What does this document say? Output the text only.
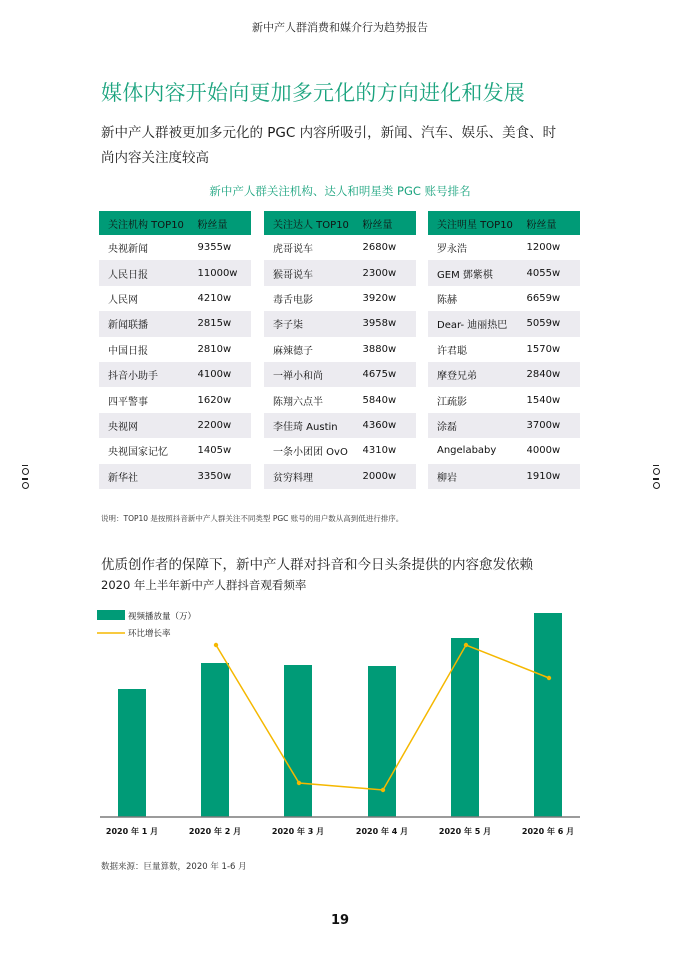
新中产人群消费和媒介行为趋势报告
媒体内容开始向更加多元化的方向进化和发展
新中产人群被更加多元化的 PGC 内容所吸引，新闻、汽车、娱乐、美食、时尚内容关注度较高
新中产人群关注机构、达人和明星类 PGC 账号排名
关注机构 TOP10	粉丝量
央视新闻	9355w
人民日报	11000w
人民网	4210w
新闻联播	2815w
中国日报	2810w
抖音小助手	4100w
四平警事	1620w
央视网	2200w
央视国家记忆	1405w
新华社	3350w
关注达人 TOP10	粉丝量
虎哥说车	2680w
猴哥说车	2300w
毒舌电影	3920w
李子柒	3958w
麻辣德子	3880w
一禅小和尚	4675w
陈翔六点半	5840w
李佳琦 Austin	4360w
一条小团团 OvO	4310w
贫穷料理	2000w
关注明星 TOP10	粉丝量
罗永浩	1200w
GEM 鄧紫棋	4055w
陈赫	6659w
Dear- 迪丽热巴	5059w
许君聪	1570w
摩登兄弟	2840w
江疏影	1540w
涂磊	3700w
Angelababy	4000w
柳岩	1910w
说明：TOP10 是按照抖音新中产人群关注不同类型 PGC 账号的用户数从高到低进行排序。
优质创作者的保障下，新中产人群对抖音和今日头条提供的内容愈发依赖
2020 年上半年新中产人群抖音观看频率
视频播放量（万）
环比增长率
2020 年 1 月	2020 年 2 月	2020 年 3 月	2020 年 4 月	2020 年 5 月	2020 年 6 月
数据来源：巨量算数，2020 年 1-6 月
19
